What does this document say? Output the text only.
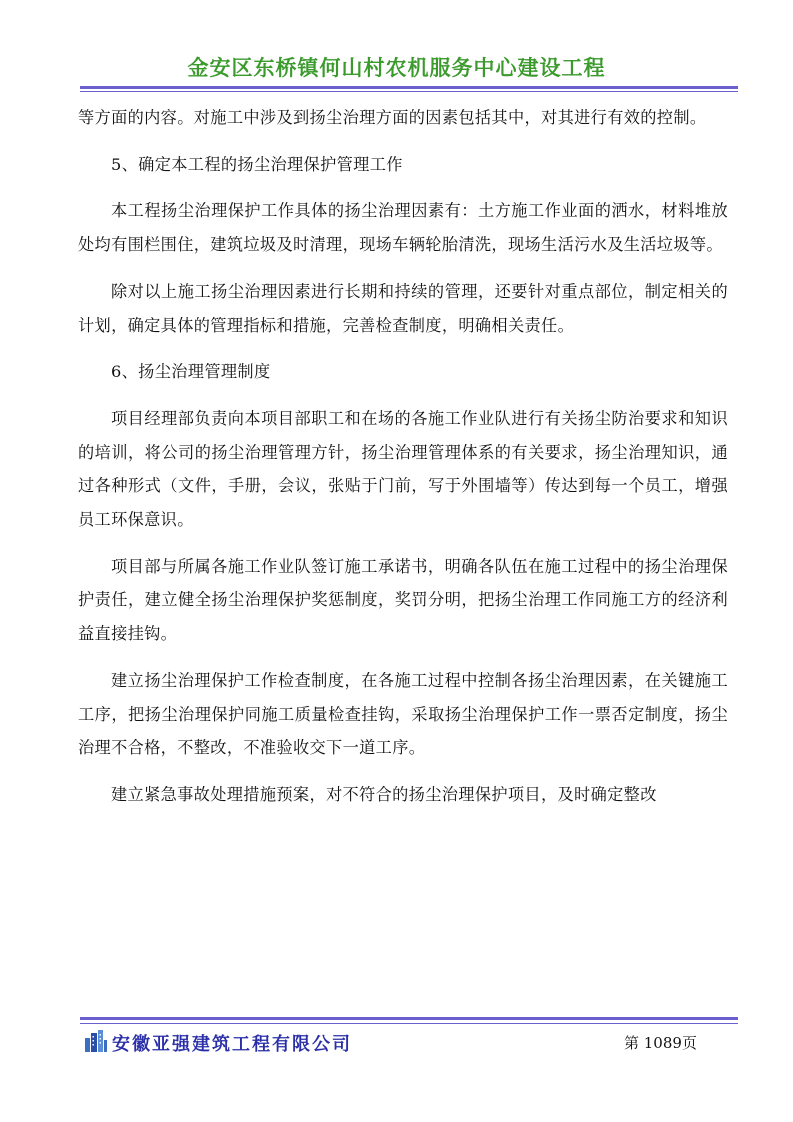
金安区东桥镇何山村农机服务中心建设工程

等方面的内容。对施工中涉及到扬尘治理方面的因素包括其中，对其进行有效的控制。

5、确定本工程的扬尘治理保护管理工作

本工程扬尘治理保护工作具体的扬尘治理因素有：土方施工作业面的洒水，材料堆放处均有围栏围住，建筑垃圾及时清理，现场车辆轮胎清洗，现场生活污水及生活垃圾等。

除对以上施工扬尘治理因素进行长期和持续的管理，还要针对重点部位，制定相关的计划，确定具体的管理指标和措施，完善检查制度，明确相关责任。

6、扬尘治理管理制度

项目经理部负责向本项目部职工和在场的各施工作业队进行有关扬尘防治要求和知识的培训，将公司的扬尘治理管理方针，扬尘治理管理体系的有关要求，扬尘治理知识，通过各种形式（文件，手册，会议，张贴于门前，写于外围墙等）传达到每一个员工，增强员工环保意识。

项目部与所属各施工作业队签订施工承诺书，明确各队伍在施工过程中的扬尘治理保护责任，建立健全扬尘治理保护奖惩制度，奖罚分明，把扬尘治理工作同施工方的经济利益直接挂钩。

建立扬尘治理保护工作检查制度，在各施工过程中控制各扬尘治理因素，在关键施工工序，把扬尘治理保护同施工质量检查挂钩，采取扬尘治理保护工作一票否定制度，扬尘治理不合格，不整改，不准验收交下一道工序。

建立紧急事故处理措施预案，对不符合的扬尘治理保护项目，及时确定整改

安徽亚强建筑工程有限公司	第 1089页
